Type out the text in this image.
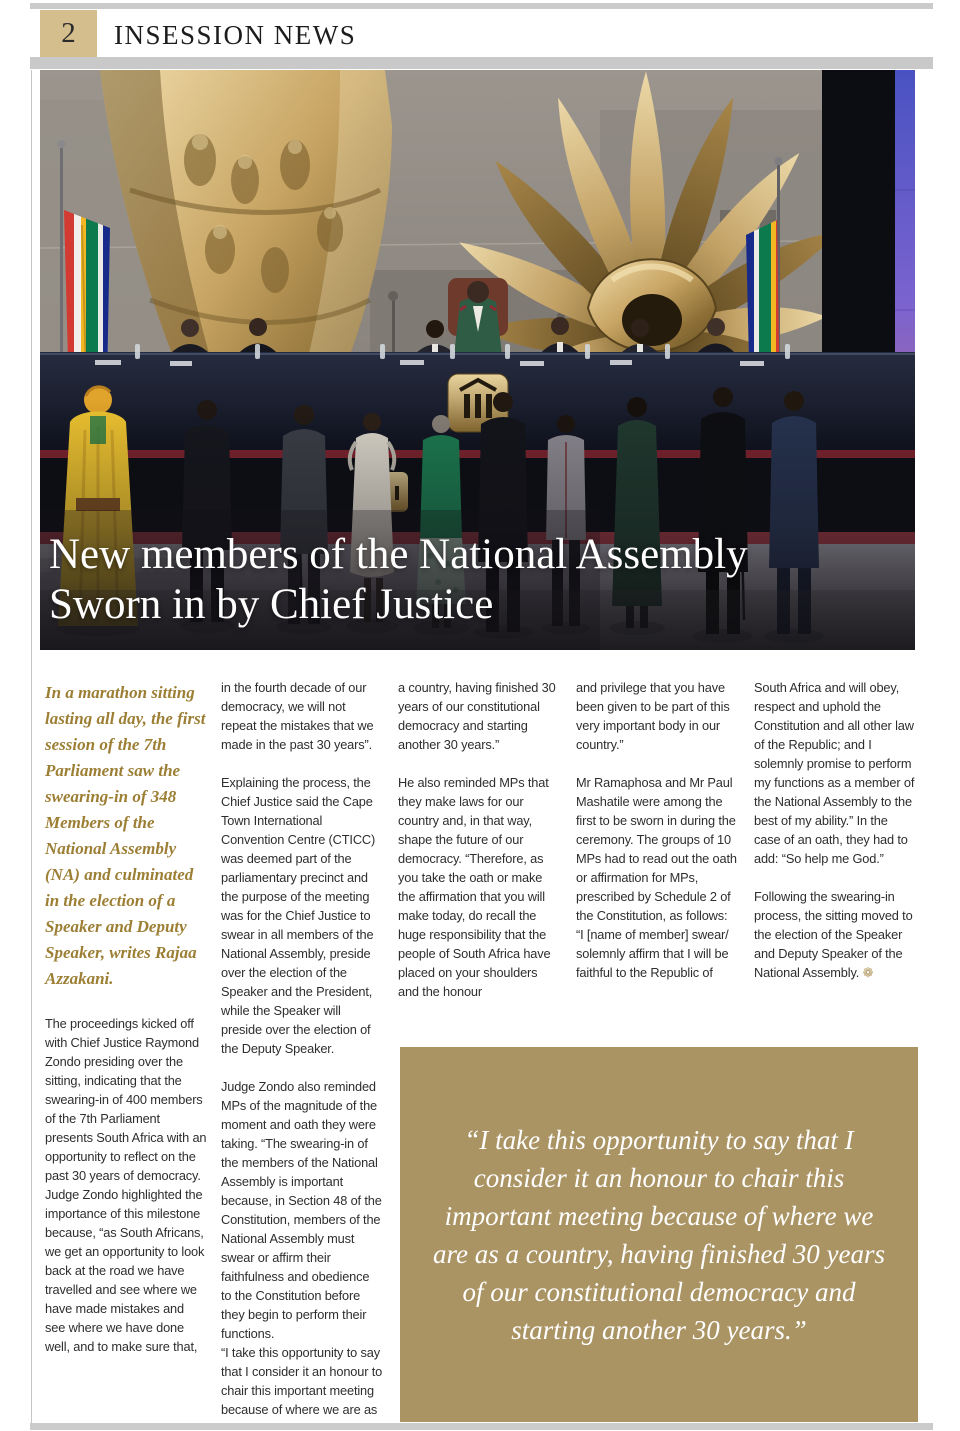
2 INSESSION NEWS
New members of the National Assembly
Sworn in by Chief Justice

In a marathon sitting lasting all day, the first session of the 7th Parliament saw the swearing-in of 348 Members of the National Assembly (NA) and culminated in the election of a Speaker and Deputy Speaker, writes Rajaa Azzakani.

The proceedings kicked off with Chief Justice Raymond Zondo presiding over the sitting, indicating that the swearing-in of 400 members of the 7th Parliament presents South Africa with an opportunity to reflect on the past 30 years of democracy. Judge Zondo highlighted the importance of this milestone because, “as South Africans, we get an opportunity to look back at the road we have travelled and see where we have made mistakes and see where we have done well, and to make sure that,

in the fourth decade of our democracy, we will not repeat the mistakes that we made in the past 30 years”.

Explaining the process, the Chief Justice said the Cape Town International Convention Centre (CTICC) was deemed part of the parliamentary precinct and the purpose of the meeting was for the Chief Justice to swear in all members of the National Assembly, preside over the election of the Speaker and the President, while the Speaker will preside over the election of the Deputy Speaker.

Judge Zondo also reminded MPs of the magnitude of the moment and oath they were taking. “The swearing-in of the members of the National Assembly is important because, in Section 48 of the Constitution, members of the National Assembly must swear or affirm their faithfulness and obedience to the Constitution before they begin to perform their functions.

“I take this opportunity to say that I consider it an honour to chair this important meeting because of where we are as

a country, having finished 30 years of our constitutional democracy and starting another 30 years.”

He also reminded MPs that they make laws for our country and, in that way, shape the future of our democracy. “Therefore, as you take the oath or make the affirmation that you will make today, do recall the huge responsibility that the people of South Africa have placed on your shoulders and the honour

and privilege that you have been given to be part of this very important body in our country.”

Mr Ramaphosa and Mr Paul Mashatile were among the first to be sworn in during the ceremony. The groups of 10 MPs had to read out the oath or affirmation for MPs, prescribed by Schedule 2 of the Constitution, as follows: “I [name of member] swear/ solemnly affirm that I will be faithful to the Republic of

South Africa and will obey, respect and uphold the Constitution and all other law of the Republic; and I solemnly promise to perform my functions as a member of the National Assembly to the best of my ability.” In the case of an oath, they had to add: “So help me God.”

Following the swearing-in process, the sitting moved to the election of the Speaker and Deputy Speaker of the National Assembly. ❁

“I take this opportunity to say that I consider it an honour to chair this important meeting because of where we are as a country, having finished 30 years of our constitutional democracy and starting another 30 years.”
